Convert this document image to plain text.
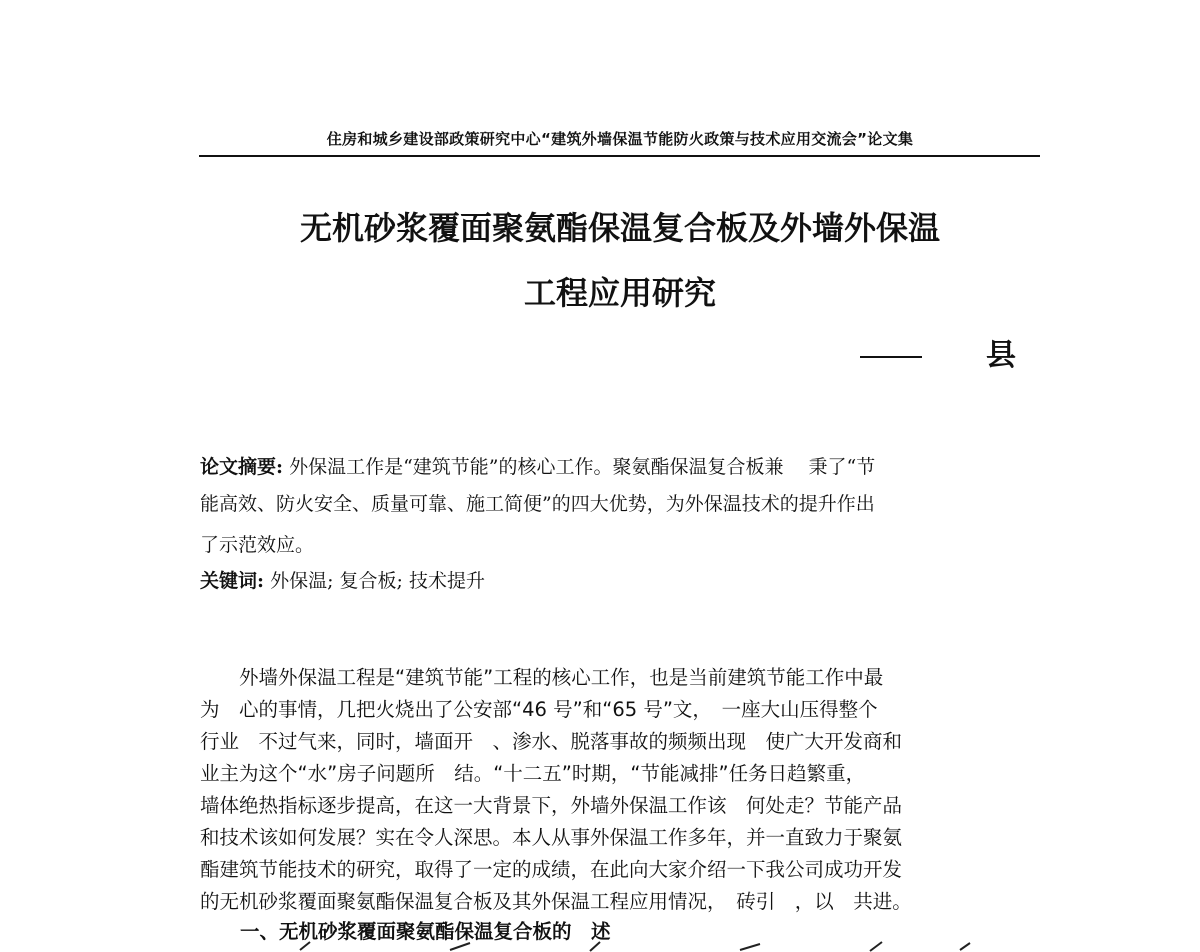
住房和城乡建设部政策研究中心“建筑外墙保温节能防火政策与技术应用交流会”论文集
无机砂浆覆面聚氨酯保温复合板及外墙外保温
工程应用研究
县
论文摘要: 外保温工作是“建筑节能”的核心工作。聚氨酯保温复合板兼　 秉了“节
能高效、防火安全、质量可靠、施工简便”的四大优势，为外保温技术的提升作出
了示范效应。
关键词: 外保温; 复合板; 技术提升
　　外墙外保温工程是“建筑节能”工程的核心工作，也是当前建筑节能工作中最
为　心的事情，几把火烧出了公安部“46 号”和“65 号”文，　一座大山压得整个
行业　不过气来，同时，墙面开　、渗水、脱落事故的频频出现　使广大开发商和
业主为这个“水”房子问题所　结。“十二五”时期，“节能减排”任务日趋繁重，
墙体绝热指标逐步提高，在这一大背景下，外墙外保温工作该　何处走？节能产品
和技术该如何发展？实在令人深思。本人从事外保温工作多年，并一直致力于聚氨
酯建筑节能技术的研究，取得了一定的成绩，在此向大家介绍一下我公司成功开发
的无机砂浆覆面聚氨酯保温复合板及其外保温工程应用情况，　砖引　，以　共进。
一、无机砂浆覆面聚氨酯保温复合板的　述
